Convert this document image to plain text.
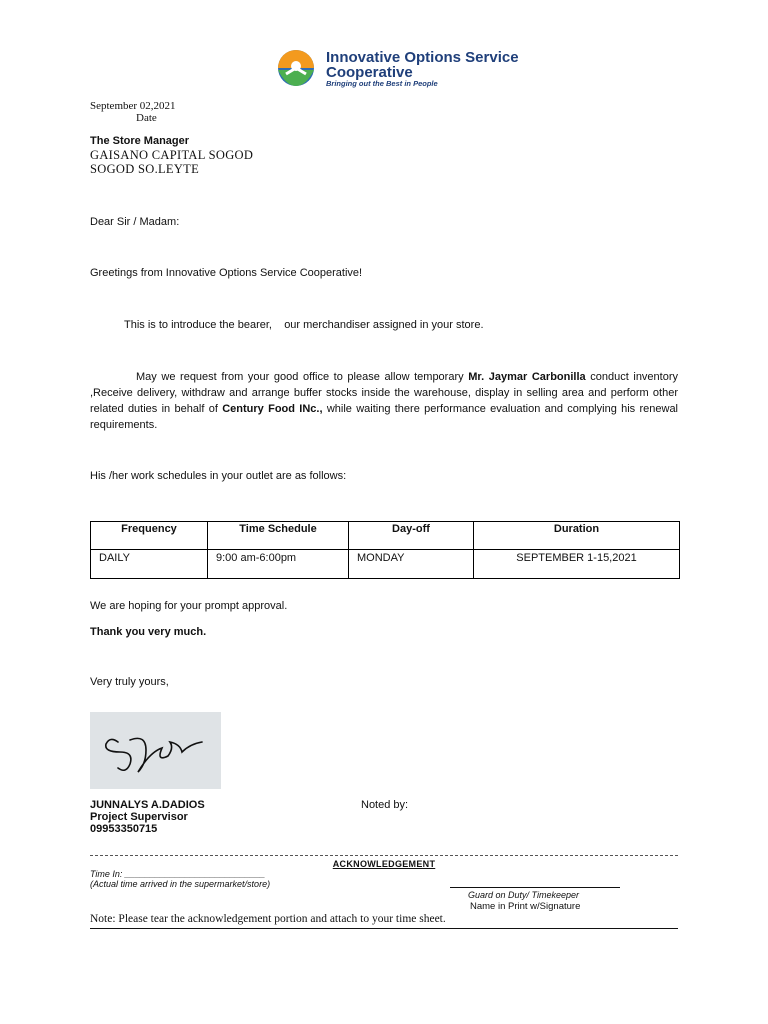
Innovative Options Service
Cooperative
Bringing out the Best in People
September 02,2021
Date
The Store Manager
GAISANO CAPITAL SOGOD
SOGOD SO.LEYTE
Dear Sir / Madam:
Greetings from Innovative Options Service Cooperative!
This is to introduce the bearer,    our merchandiser assigned in your store.
May we request from your good office to please allow temporary Mr. Jaymar Carbonilla conduct inventory ,Receive delivery, withdraw and arrange buffer stocks inside the warehouse, display in selling area and perform other related duties in behalf of Century Food INc., while waiting there performance evaluation and complying his renewal requirements.
His /her work schedules in your outlet are as follows:
Frequency	Time Schedule	Day-off	Duration
DAILY	9:00 am-6:00pm	MONDAY	SEPTEMBER 1-15,2021
We are hoping for your prompt approval.
Thank you very much.
Very truly yours,
JUNNALYS A.DADIOS
Project Supervisor
09953350715
Noted by:
ACKNOWLEDGEMENT
Time In: ____________________________
(Actual time arrived in the supermarket/store)
Guard on Duty/ Timekeeper
Name in Print w/Signature
Note: Please tear the acknowledgement portion and attach to your time sheet.
